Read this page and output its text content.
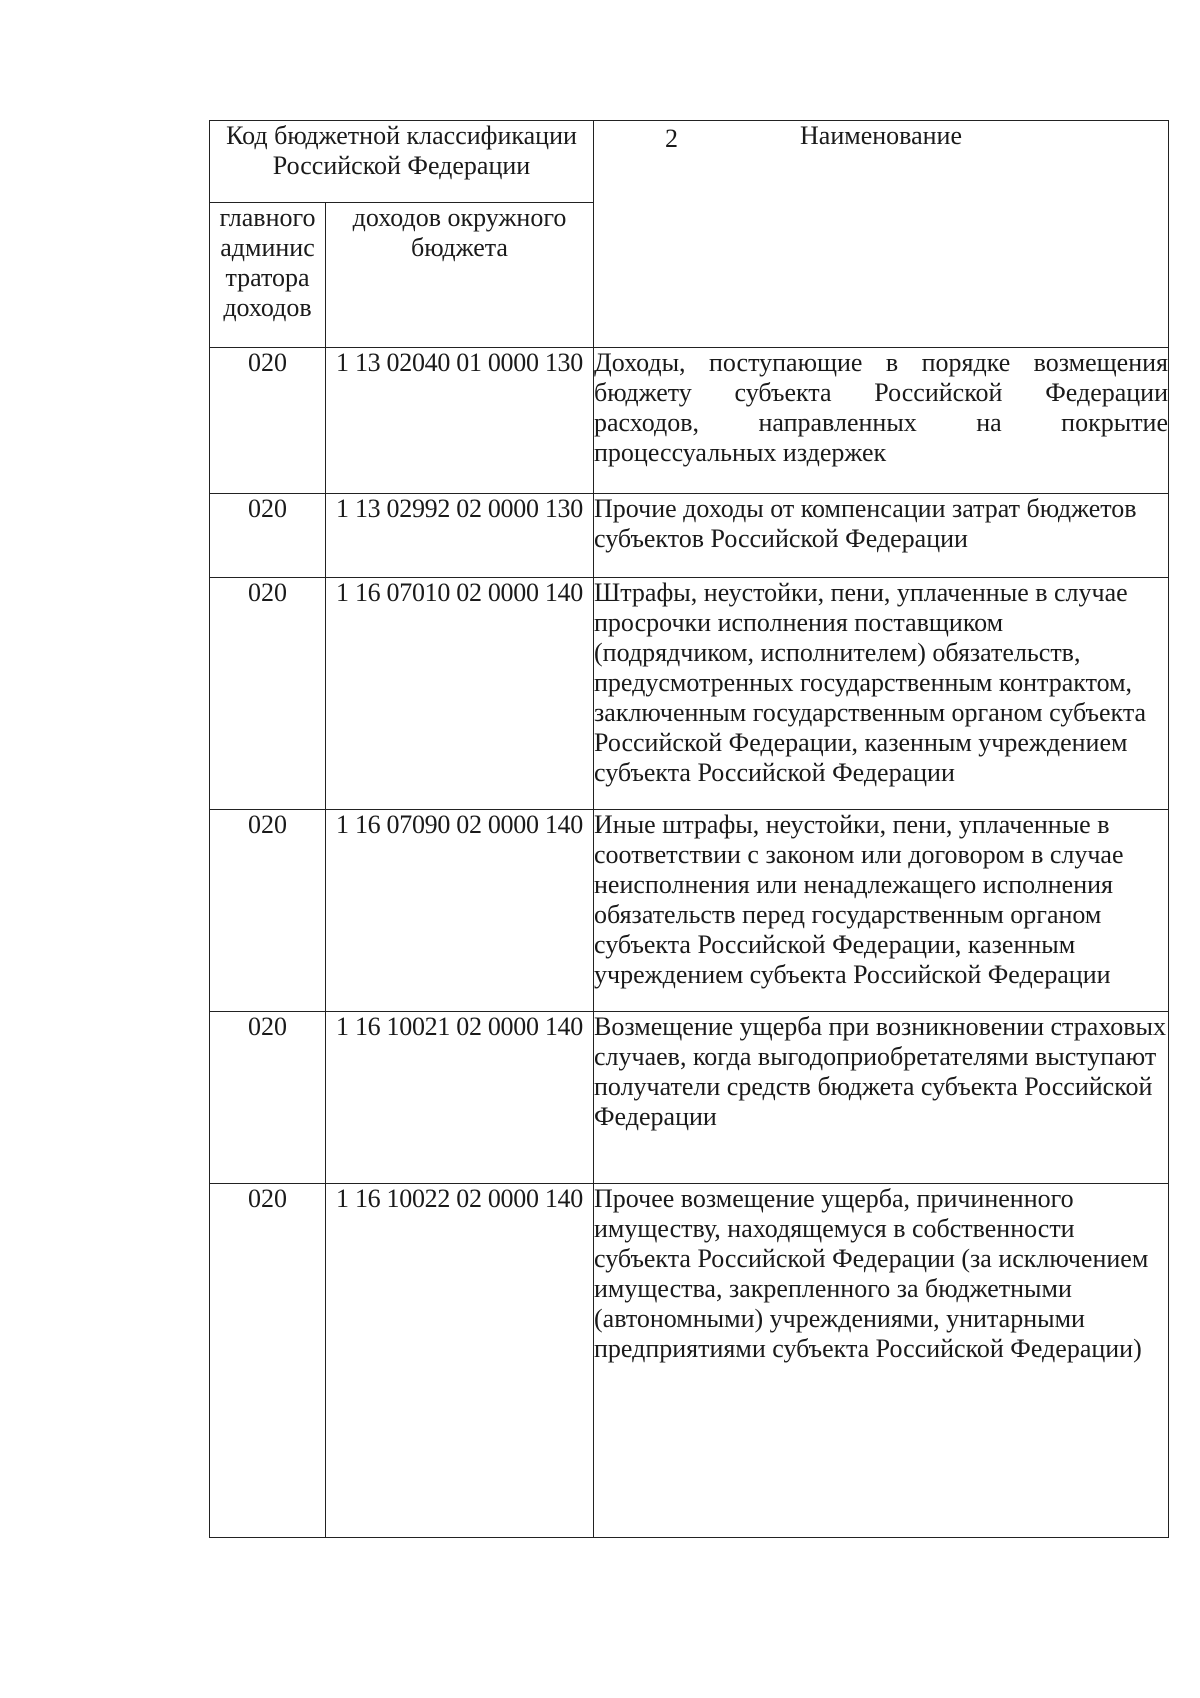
2
Код бюджетной классификации Российской Федерации		Наименование
главного админис тратора доходов	доходов окружного бюджета	
020	1 13 02040 01 0000 130	Доходы, поступающие в порядке возмещения бюджету субъекта Российской Федерации расходов, направленных на покрытие процессуальных издержек
020	1 13 02992 02 0000 130	Прочие доходы от компенсации затрат бюджетов субъектов Российской Федерации
020	1 16 07010 02 0000 140	Штрафы, неустойки, пени, уплаченные в случае просрочки исполнения поставщиком (подрядчиком, исполнителем) обязательств, предусмотренных государственным контрактом, заключенным государственным органом субъекта Российской Федерации, казенным учреждением субъекта Российской Федерации
020	1 16 07090 02 0000 140	Иные штрафы, неустойки, пени, уплаченные в соответствии с законом или договором в случае неисполнения или ненадлежащего исполнения обязательств перед государственным органом субъекта Российской Федерации, казенным учреждением субъекта Российской Федерации
020	1 16 10021 02 0000 140	Возмещение ущерба при возникновении страховых случаев, когда выгодоприобретателями выступают получатели средств бюджета субъекта Российской Федерации
020	1 16 10022 02 0000 140	Прочее возмещение ущерба, причиненного имуществу, находящемуся в собственности субъекта Российской Федерации (за исключением имущества, закрепленного за бюджетными (автономными) учреждениями, унитарными предприятиями субъекта Российской Федерации)
